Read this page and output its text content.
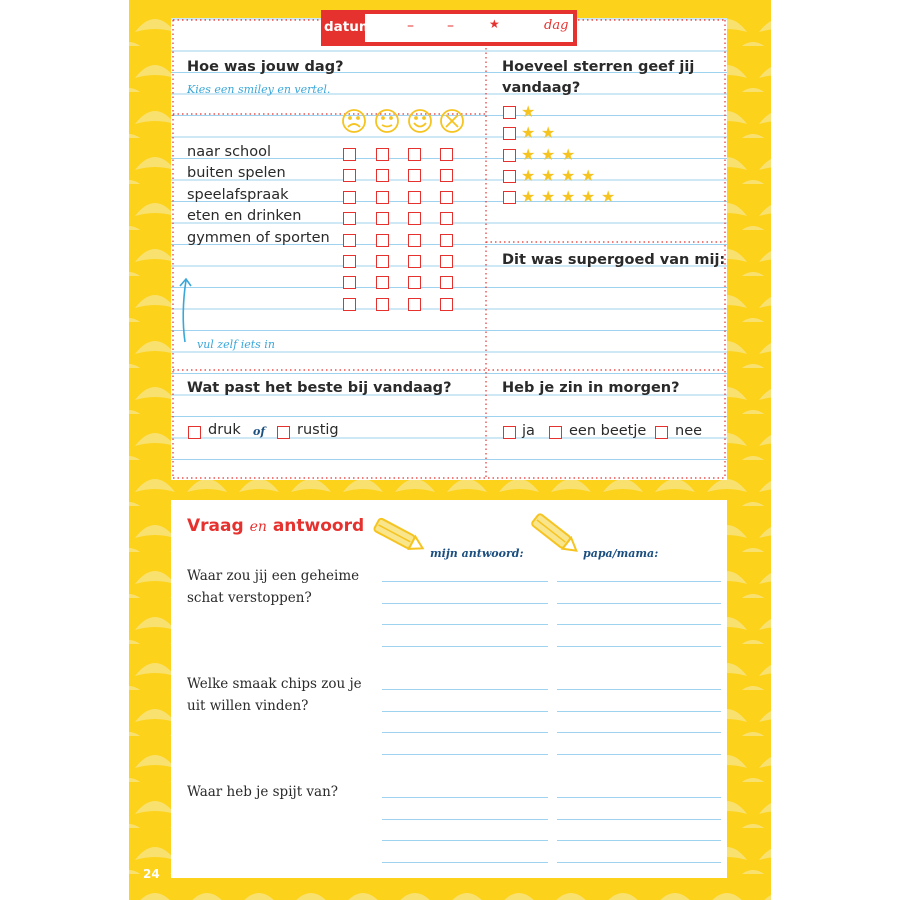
datum – –	★	dag
Hoe was jouw dag?
Kies een smiley en vertel.
naar school
buiten spelen
speelafspraak
eten en drinken
gymmen of sporten
vul zelf iets in
Hoeveel sterren geef jij
vandaag?
★
★ ★
★ ★ ★
★ ★ ★ ★
★ ★ ★ ★ ★
Dit was supergoed van mij:
Wat past het beste bij vandaag?
druk of rustig
Heb je zin in morgen?
ja een beetje nee
Vraag en antwoord
mijn antwoord:	papa/mama:
Waar zou jij een geheime
schat verstoppen?
Welke smaak chips zou je
uit willen vinden?
Waar heb je spijt van?
24
